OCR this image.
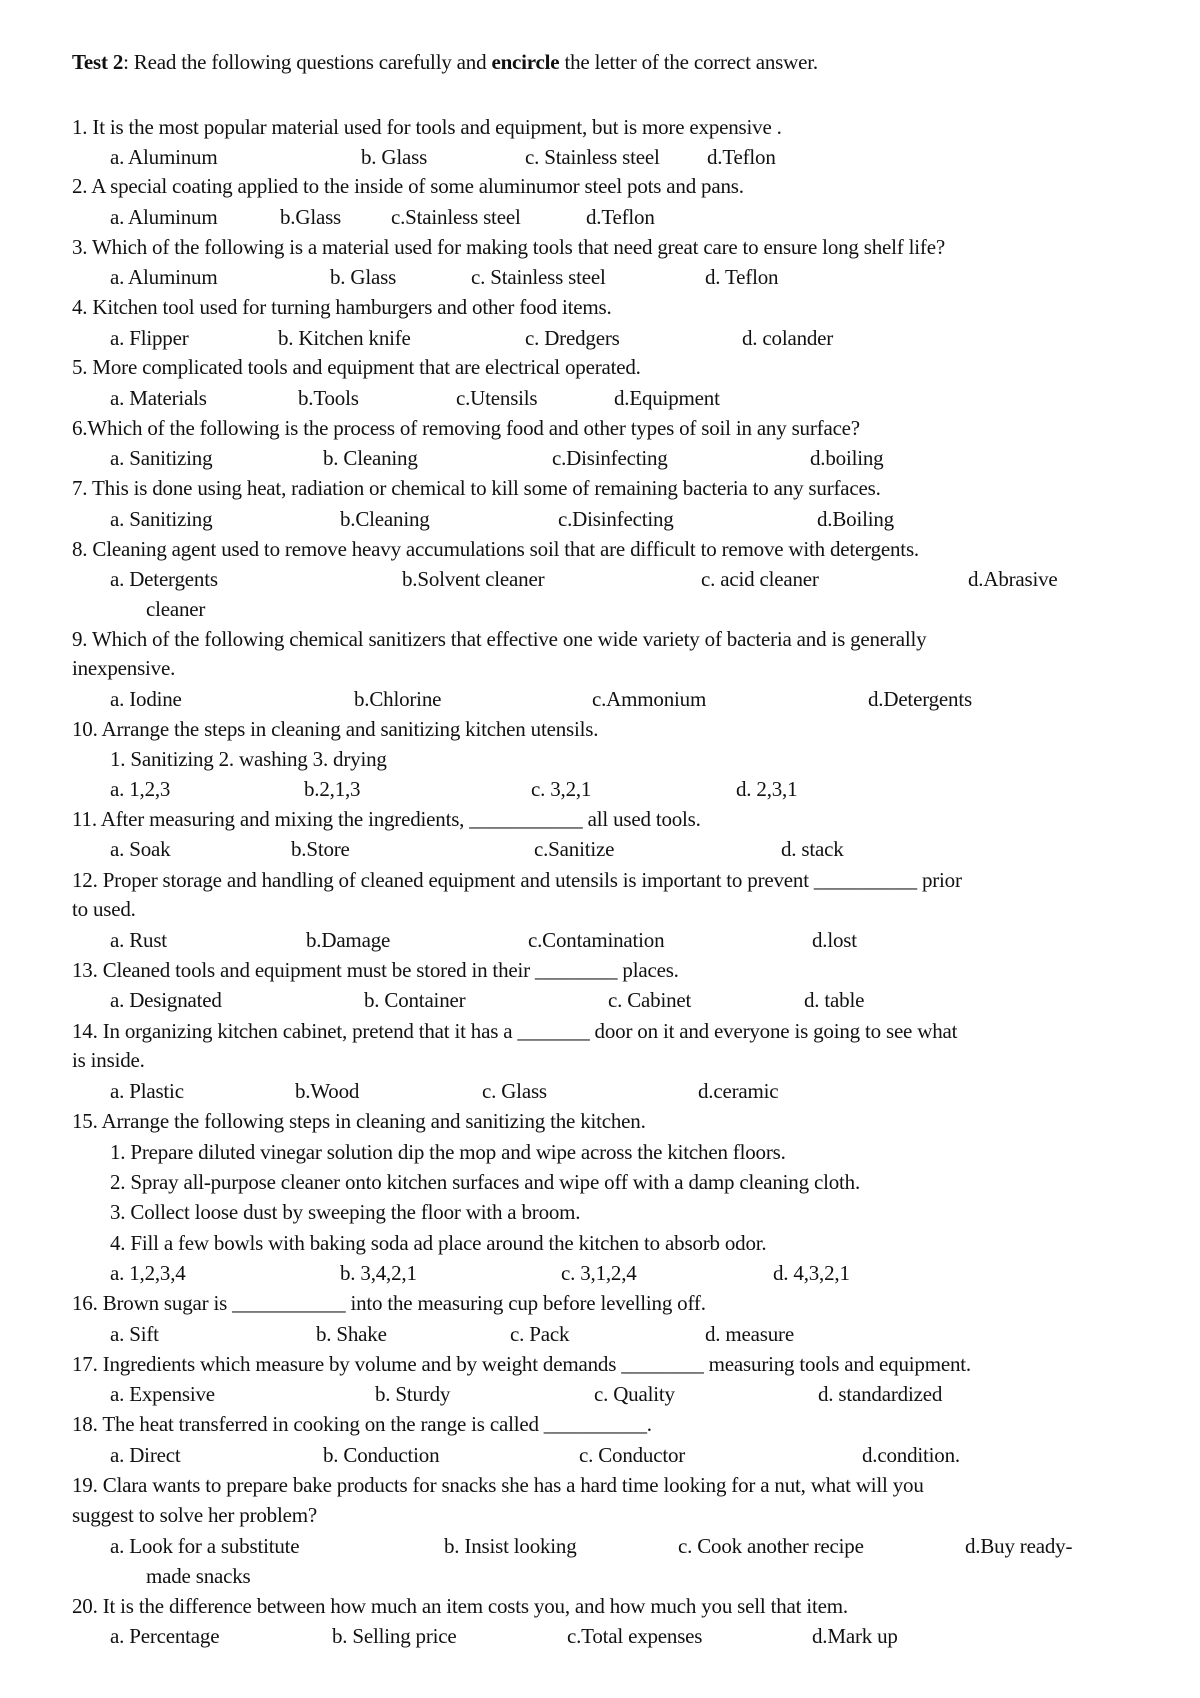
Test 2: Read the following questions carefully and encircle the letter of the correct answer.
1. It is the most popular material used for tools and equipment, but is more expensive .
a. Aluminum	b. Glass	c. Stainless steel d.Teflon
2. A special coating applied to the inside of some aluminumor steel pots and pans.
a. Aluminum	b.Glass c.Stainless steel	d.Teflon
3. Which of the following is a material used for making tools that need great care to ensure long shelf life?
a. Aluminum	b. Glass	c. Stainless steel	d. Teflon
4. Kitchen tool used for turning hamburgers and other food items.
a. Flipper	b. Kitchen knife	c. Dredgers	d. colander
5. More complicated tools and equipment that are electrical operated.
a. Materials	b.Tools	c.Utensils	d.Equipment
6.Which of the following is the process of removing food and other types of soil in any surface?
a. Sanitizing	b. Cleaning	c.Disinfecting	d.boiling
7. This is done using heat, radiation or chemical to kill some of remaining bacteria to any surfaces.
a. Sanitizing	b.Cleaning	c.Disinfecting	d.Boiling
8. Cleaning agent used to remove heavy accumulations soil that are difficult to remove with detergents.
a. Detergents	b.Solvent cleaner	c. acid cleaner	d.Abrasive
cleaner
9. Which of the following chemical sanitizers that effective one wide variety of bacteria and is generally
inexpensive.
a. Iodine	b.Chlorine	c.Ammonium	d.Detergents
10. Arrange the steps in cleaning and sanitizing kitchen utensils.
1. Sanitizing 2. washing 3. drying
a. 1,2,3	b.2,1,3	c. 3,2,1	d. 2,3,1
11. After measuring and mixing the ingredients, ___________ all used tools.
a. Soak	b.Store	c.Sanitize	d. stack
12. Proper storage and handling of cleaned equipment and utensils is important to prevent __________ prior
to used.
a. Rust	b.Damage	c.Contamination	d.lost
13. Cleaned tools and equipment must be stored in their ________ places.
a. Designated	b. Container	c. Cabinet	d. table
14. In organizing kitchen cabinet, pretend that it has a _______ door on it and everyone is going to see what
is inside.
a. Plastic	b.Wood	c. Glass	d.ceramic
15. Arrange the following steps in cleaning and sanitizing the kitchen.
1. Prepare diluted vinegar solution dip the mop and wipe across the kitchen floors.
2. Spray all-purpose cleaner onto kitchen surfaces and wipe off with a damp cleaning cloth.
3. Collect loose dust by sweeping the floor with a broom.
4. Fill a few bowls with baking soda ad place around the kitchen to absorb odor.
a. 1,2,3,4	b. 3,4,2,1	c. 3,1,2,4	d. 4,3,2,1
16. Brown sugar is ___________ into the measuring cup before levelling off.
a. Sift	b. Shake	c. Pack	d. measure
17. Ingredients which measure by volume and by weight demands ________ measuring tools and equipment.
a. Expensive	b. Sturdy	c. Quality	d. standardized
18. The heat transferred in cooking on the range is called __________.
a. Direct	b. Conduction	c. Conductor	d.condition.
19. Clara wants to prepare bake products for snacks she has a hard time looking for a nut, what will you
suggest to solve her problem?
a. Look for a substitute	b. Insist looking	c. Cook another recipe	d.Buy ready-
made snacks
20. It is the difference between how much an item costs you, and how much you sell that item.
a. Percentage	b. Selling price	c.Total expenses	d.Mark up
